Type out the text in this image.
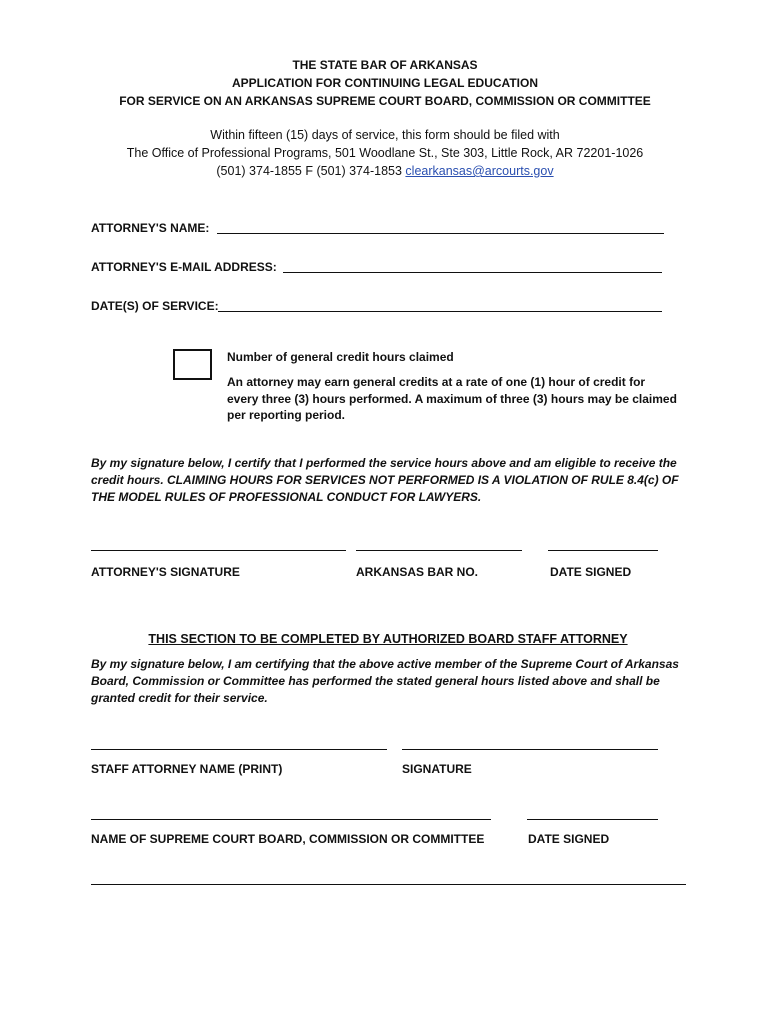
THE STATE BAR OF ARKANSAS
APPLICATION FOR CONTINUING LEGAL EDUCATION
FOR SERVICE ON AN ARKANSAS SUPREME COURT BOARD, COMMISSION OR COMMITTEE
Within fifteen (15) days of service, this form should be filed with
The Office of Professional Programs, 501 Woodlane St., Ste 303, Little Rock, AR 72201-1026
(501) 374-1855 F (501) 374-1853 clearkansas@arcourts.gov
ATTORNEY'S NAME:
ATTORNEY'S E-MAIL ADDRESS:
DATE(S) OF SERVICE:
Number of general credit hours claimed
An attorney may earn general credits at a rate of one (1) hour of credit for every three (3) hours performed. A maximum of three (3) hours may be claimed per reporting period.
By my signature below, I certify that I performed the service hours above and am eligible to receive the credit hours. CLAIMING HOURS FOR SERVICES NOT PERFORMED IS A VIOLATION OF RULE 8.4(c) OF THE MODEL RULES OF PROFESSIONAL CONDUCT FOR LAWYERS.
ATTORNEY'S SIGNATURE	ARKANSAS BAR NO.	DATE SIGNED
THIS SECTION TO BE COMPLETED BY AUTHORIZED BOARD STAFF ATTORNEY
By my signature below, I am certifying that the above active member of the Supreme Court of Arkansas Board, Commission or Committee has performed the stated general hours listed above and shall be granted credit for their service.
STAFF ATTORNEY NAME (PRINT)	SIGNATURE
NAME OF SUPREME COURT BOARD, COMMISSION OR COMMITTEE	DATE SIGNED
